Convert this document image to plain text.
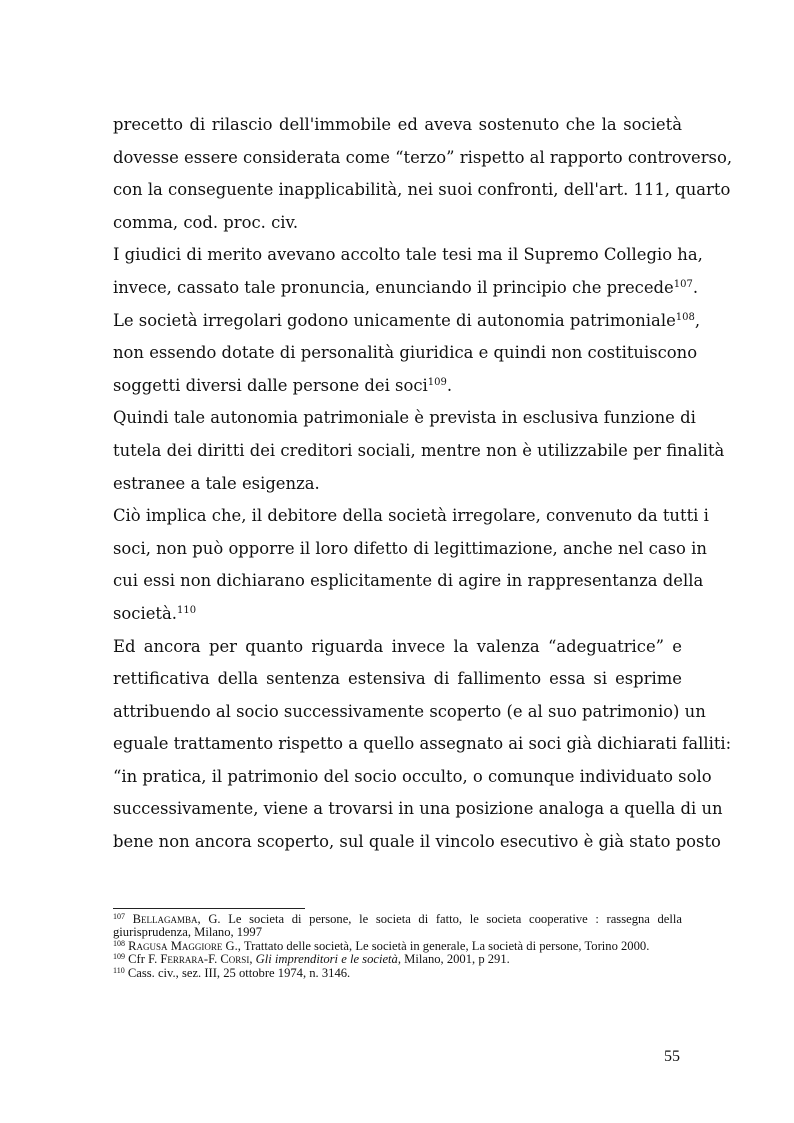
precetto di rilascio dell'immobile ed aveva sostenuto che la società
dovesse essere considerata come “terzo” rispetto al rapporto controverso,
con la conseguente inapplicabilità, nei suoi confronti, dell'art. 111, quarto
comma, cod. proc. civ.
I giudici di merito avevano accolto tale tesi ma il Supremo Collegio ha,
invece, cassato tale pronuncia, enunciando il principio che precede$^{107}$.
Le società irregolari godono unicamente di autonomia patrimoniale$^{108}$,
non essendo dotate di personalità giuridica e quindi non costituiscono
soggetti diversi dalle persone dei soci$^{109}$.
Quindi tale autonomia patrimoniale è prevista in esclusiva funzione di
tutela dei diritti dei creditori sociali, mentre non è utilizzabile per finalità
estranee a tale esigenza.
Ciò implica che, il debitore della società irregolare, convenuto da tutti i
soci, non può opporre il loro difetto di legittimazione, anche nel caso in
cui essi non dichiarano esplicitamente di agire in rappresentanza della
società.$^{110}$
Ed ancora per quanto riguarda invece la valenza “adeguatrice” e
rettificativa della sentenza estensiva di fallimento essa si esprime
attribuendo al socio successivamente scoperto (e al suo patrimonio) un
eguale trattamento rispetto a quello assegnato ai soci già dichiarati falliti:
“in pratica, il patrimonio del socio occulto, o comunque individuato solo
successivamente, viene a trovarsi in una posizione analoga a quella di un
bene non ancora scoperto, sul quale il vincolo esecutivo è già stato posto
$^{107}$ Bellagamba, G. Le societa di persone, le societa di fatto, le societa cooperative : rassegna della giurisprudenza, Milano, 1997
$^{108}$ Ragusa Maggiore G., Trattato delle società, Le società in generale, La società di persone, Torino 2000.
$^{109}$ Cfr F. Ferrara-F. Corsi, Gli imprenditori e le società, Milano, 2001, p 291.
$^{110}$ Cass. civ., sez. III, 25 ottobre 1974, n. 3146.
55
